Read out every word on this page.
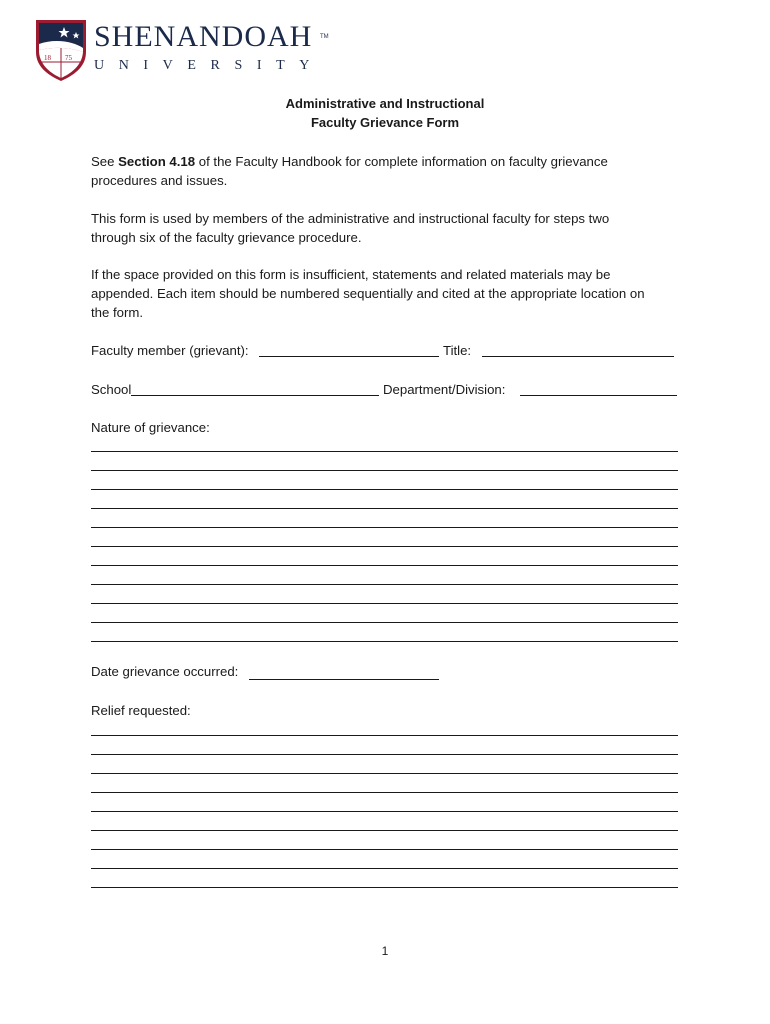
18 75
SHENANDOAH TM
UNIVERSITY
Administrative and Instructional
Faculty Grievance Form
See Section 4.18 of the Faculty Handbook for complete information on faculty grievance
procedures and issues.
This form is used by members of the administrative and instructional faculty for steps two
through six of the faculty grievance procedure.
If the space provided on this form is insufficient, statements and related materials may be
appended. Each item should be numbered sequentially and cited at the appropriate location on
the form.
Faculty member (grievant):	Title:
School	Department/Division:
Nature of grievance:
Date grievance occurred:
Relief requested:
1
